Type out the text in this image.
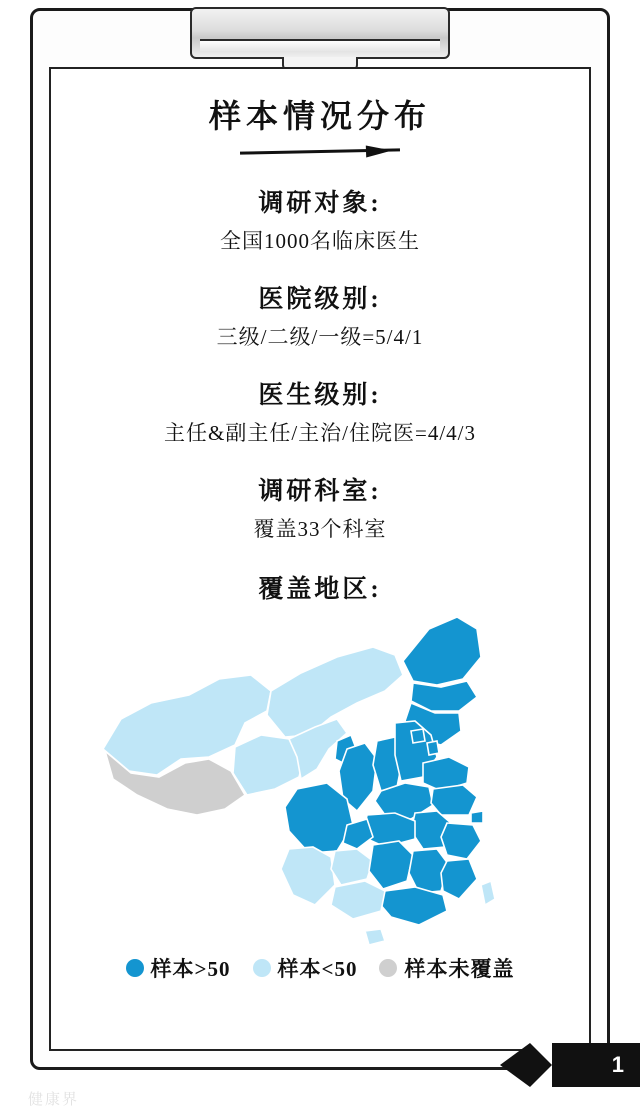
样本情况分布
调研对象:
全国1000名临床医生
医院级别:
三级/二级/一级=5/4/1
医生级别:
主任&副主任/主治/住院医=4/4/3
调研科室:
覆盖33个科室
覆盖地区:
样本>50 样本<50 样本未覆盖
1
健康界
